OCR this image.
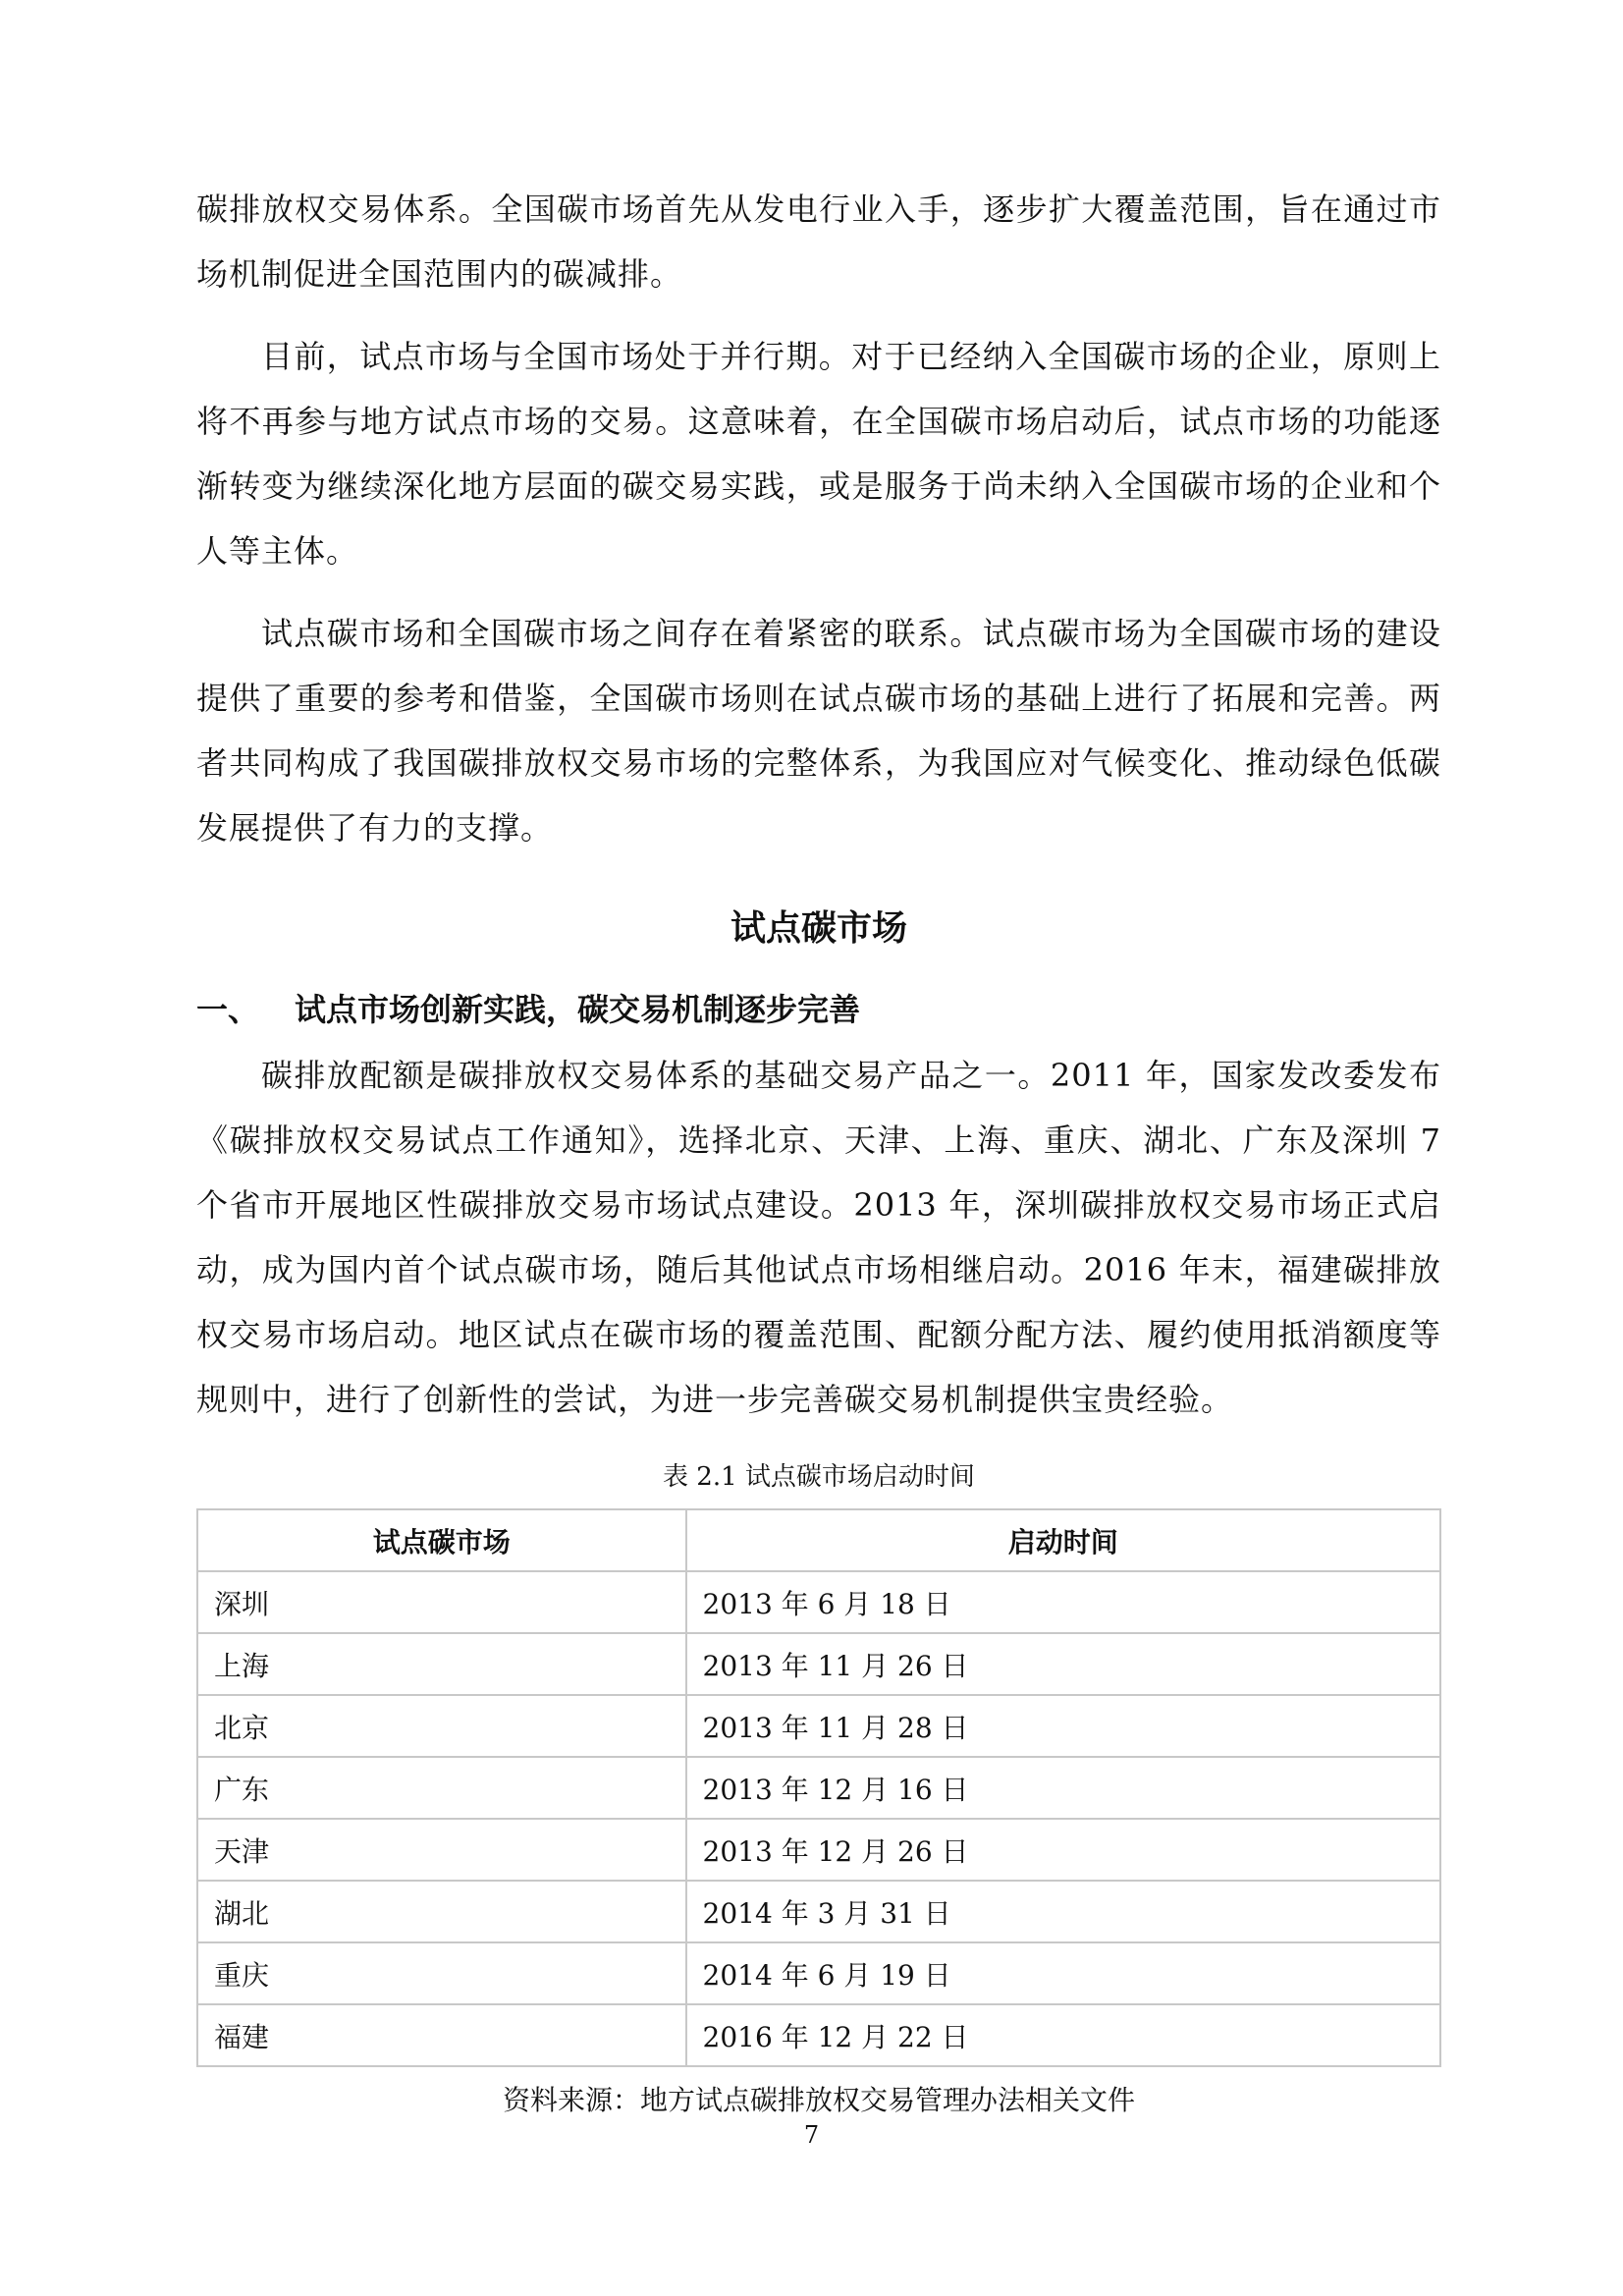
碳排放权交易体系。全国碳市场首先从发电行业入手，逐步扩大覆盖范围，旨在通过市场机制促进全国范围内的碳减排。

目前，试点市场与全国市场处于并行期。对于已经纳入全国碳市场的企业，原则上将不再参与地方试点市场的交易。这意味着，在全国碳市场启动后，试点市场的功能逐渐转变为继续深化地方层面的碳交易实践，或是服务于尚未纳入全国碳市场的企业和个人等主体。

试点碳市场和全国碳市场之间存在着紧密的联系。试点碳市场为全国碳市场的建设提供了重要的参考和借鉴，全国碳市场则在试点碳市场的基础上进行了拓展和完善。两者共同构成了我国碳排放权交易市场的完整体系，为我国应对气候变化、推动绿色低碳发展提供了有力的支撑。

试点碳市场
一、	试点市场创新实践，碳交易机制逐步完善

碳排放配额是碳排放权交易体系的基础交易产品之一。2011 年，国家发改委发布《碳排放权交易试点工作通知》，选择北京、天津、上海、重庆、湖北、广东及深圳 7 个省市开展地区性碳排放交易市场试点建设。2013 年，深圳碳排放权交易市场正式启动，成为国内首个试点碳市场，随后其他试点市场相继启动。2016 年末，福建碳排放权交易市场启动。地区试点在碳市场的覆盖范围、配额分配方法、履约使用抵消额度等规则中，进行了创新性的尝试，为进一步完善碳交易机制提供宝贵经验。

表 2.1 试点碳市场启动时间
试点碳市场	启动时间
深圳	2013 年 6 月 18 日
上海	2013 年 11 月 26 日
北京	2013 年 11 月 28 日
广东	2013 年 12 月 16 日
天津	2013 年 12 月 26 日
湖北	2014 年 3 月 31 日
重庆	2014 年 6 月 19 日
福建	2016 年 12 月 22 日
资料来源：地方试点碳排放权交易管理办法相关文件
7
